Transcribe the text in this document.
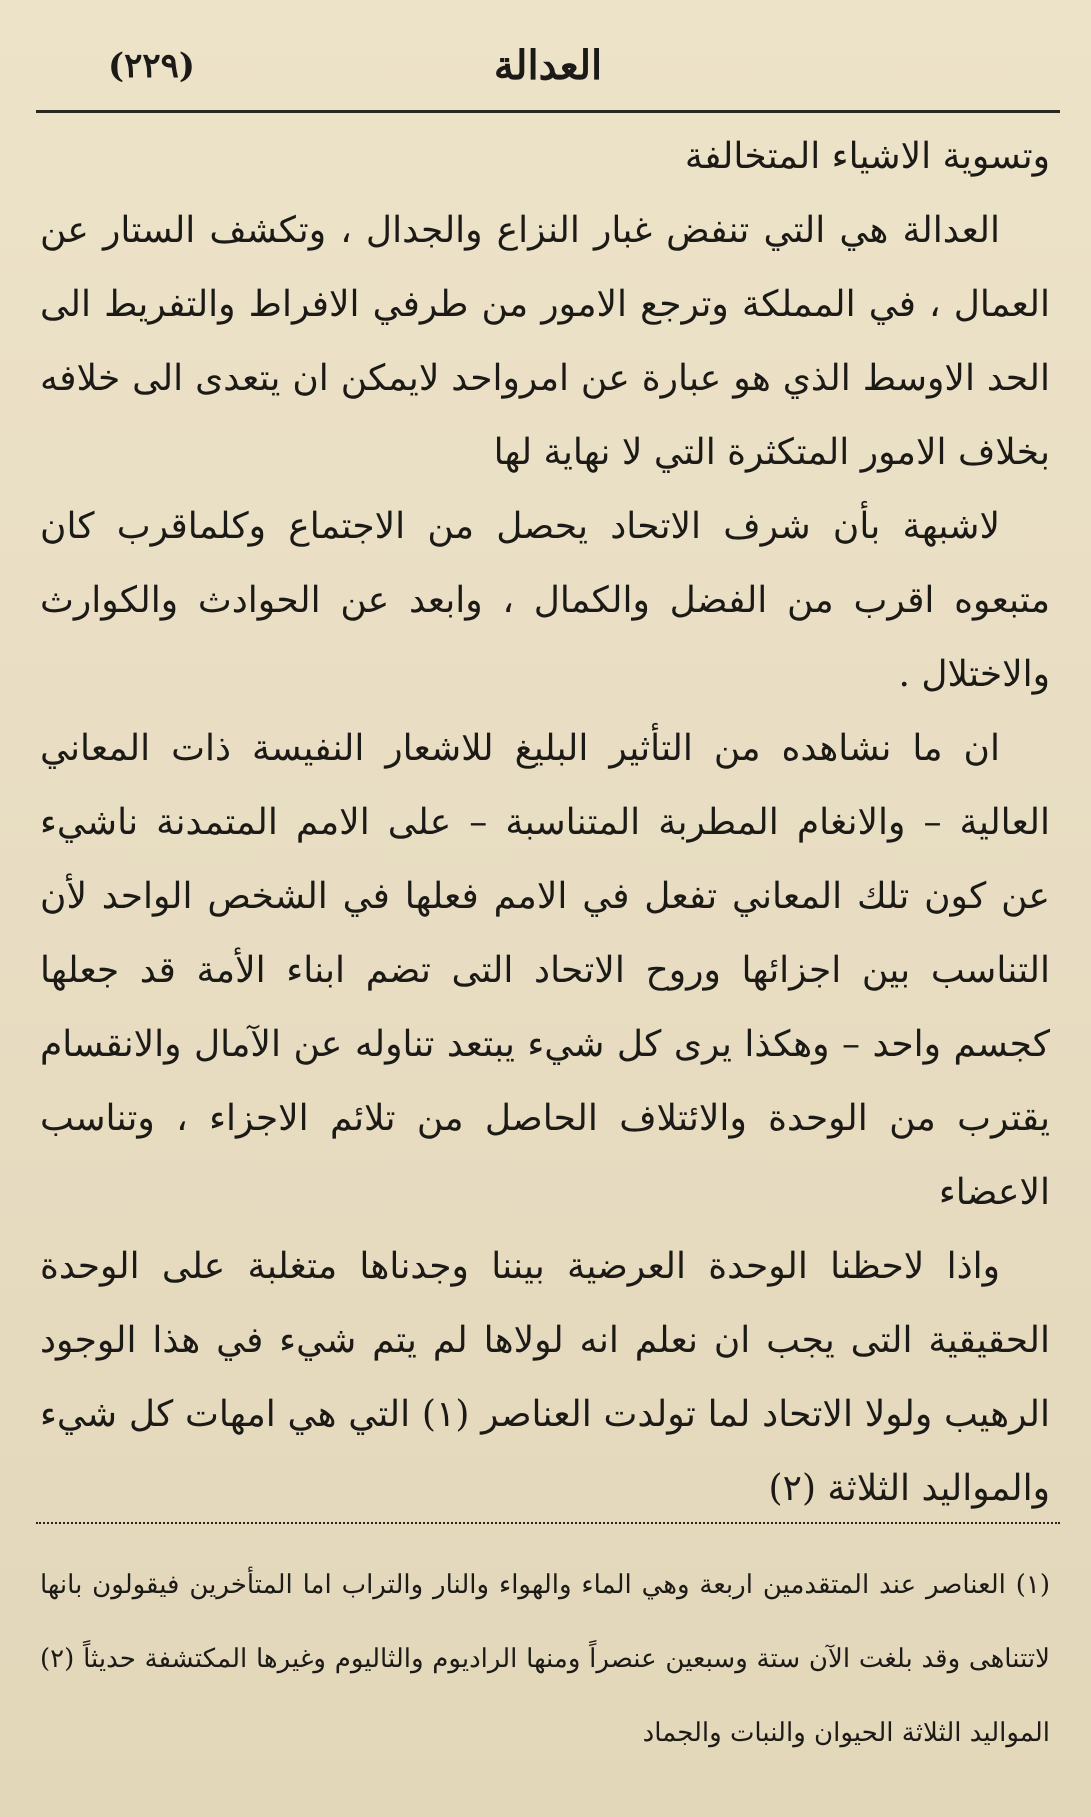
(٢٢٩)	العدالة

وتسوية الاشياء المتخالفة

العدالة هي التي تنفض غبار النزاع والجدال ، وتكشف الستار عن العمال ، في المملكة وترجع الامور من طرفي الافراط والتفريط الى الحد الاوسط الذي هو عبارة عن امرواحد لايمكن ان يتعدى الى خلافه بخلاف الامور المتكثرة التي لا نهاية لها

لاشبهة بأن شرف الاتحاد يحصل من الاجتماع وكلماقرب كان متبعوه اقرب من الفضل والكمال ، وابعد عن الحوادث والكوارث والاختلال .

ان ما نشاهده من التأثير البليغ للاشعار النفيسة ذات المعاني العالية – والانغام المطربة المتناسبة – على الامم المتمدنة ناشيء عن كون تلك المعاني تفعل في الامم فعلها في الشخص الواحد لأن التناسب بين اجزائها وروح الاتحاد التى تضم ابناء الأمة قد جعلها كجسم واحد – وهكذا يرى كل شيء يبتعد تناوله عن الآمال والانقسام يقترب من الوحدة والائتلاف الحاصل من تلائم الاجزاء ، وتناسب الاعضاء

واذا لاحظنا الوحدة العرضية بيننا وجدناها متغلبة على الوحدة الحقيقية التى يجب ان نعلم انه لولاها لم يتم شيء في هذا الوجود الرهيب ولولا الاتحاد لما تولدت العناصر (١) التي هي امهات كل شيء والمواليد الثلاثة (٢)

(١) العناصر عند المتقدمين اربعة وهي الماء والهواء والنار والتراب اما المتأخرين فيقولون بانها لاتتناهى وقد بلغت الآن ستة وسبعين عنصراً ومنها الراديوم والثاليوم وغيرها المكتشفة حديثاً (٢) المواليد الثلاثة الحيوان والنبات والجماد
